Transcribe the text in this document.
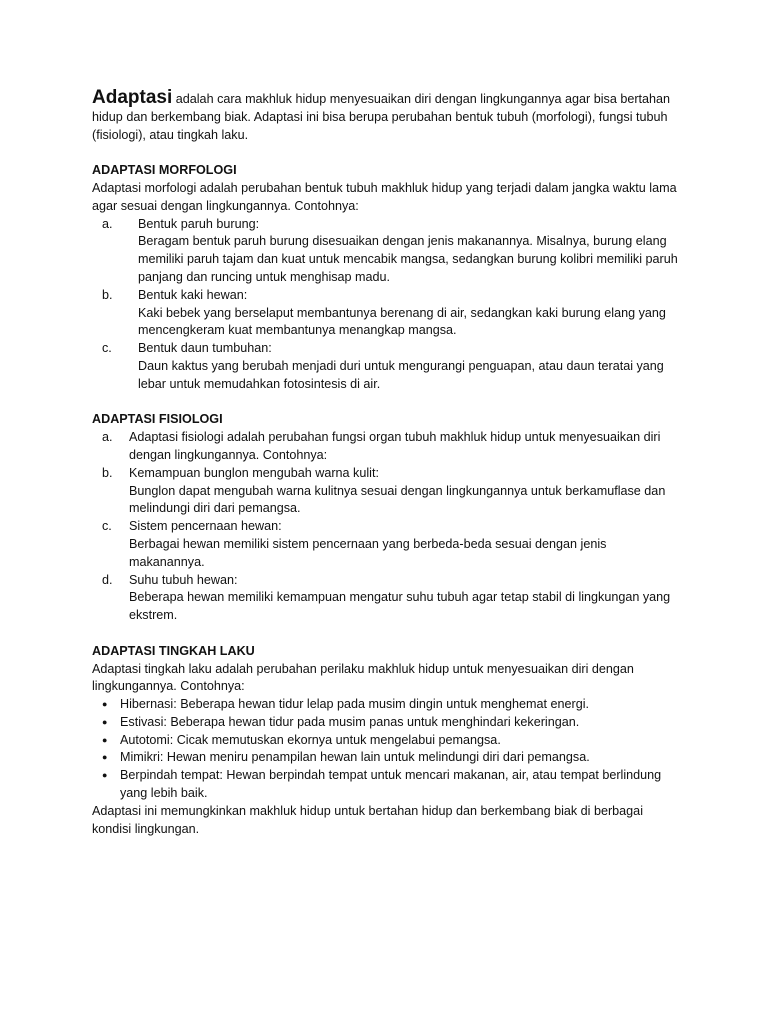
Adaptasi adalah cara makhluk hidup menyesuaikan diri dengan lingkungannya agar bisa bertahan hidup dan berkembang biak. Adaptasi ini bisa berupa perubahan bentuk tubuh (morfologi), fungsi tubuh (fisiologi), atau tingkah laku.

ADAPTASI MORFOLOGI

Adaptasi morfologi adalah perubahan bentuk tubuh makhluk hidup yang terjadi dalam jangka waktu lama agar sesuai dengan lingkungannya. Contohnya:

a. Bentuk paruh burung:
Beragam bentuk paruh burung disesuaikan dengan jenis makanannya. Misalnya, burung elang memiliki paruh tajam dan kuat untuk mencabik mangsa, sedangkan burung kolibri memiliki paruh panjang dan runcing untuk menghisap madu.
b. Bentuk kaki hewan:
Kaki bebek yang berselaput membantunya berenang di air, sedangkan kaki burung elang yang mencengkeram kuat membantunya menangkap mangsa.
c. Bentuk daun tumbuhan:
Daun kaktus yang berubah menjadi duri untuk mengurangi penguapan, atau daun teratai yang lebar untuk memudahkan fotosintesis di air.

ADAPTASI FISIOLOGI

a. Adaptasi fisiologi adalah perubahan fungsi organ tubuh makhluk hidup untuk menyesuaikan diri dengan lingkungannya. Contohnya:
b. Kemampuan bunglon mengubah warna kulit:
Bunglon dapat mengubah warna kulitnya sesuai dengan lingkungannya untuk berkamuflase dan melindungi diri dari pemangsa.
c. Sistem pencernaan hewan:
Berbagai hewan memiliki sistem pencernaan yang berbeda-beda sesuai dengan jenis makanannya.
d. Suhu tubuh hewan:
Beberapa hewan memiliki kemampuan mengatur suhu tubuh agar tetap stabil di lingkungan yang ekstrem.

ADAPTASI TINGKAH LAKU

Adaptasi tingkah laku adalah perubahan perilaku makhluk hidup untuk menyesuaikan diri dengan lingkungannya. Contohnya:

● Hibernasi: Beberapa hewan tidur lelap pada musim dingin untuk menghemat energi.
● Estivasi: Beberapa hewan tidur pada musim panas untuk menghindari kekeringan.
● Autotomi: Cicak memutuskan ekornya untuk mengelabui pemangsa.
● Mimikri: Hewan meniru penampilan hewan lain untuk melindungi diri dari pemangsa.
● Berpindah tempat: Hewan berpindah tempat untuk mencari makanan, air, atau tempat berlindung yang lebih baik.

Adaptasi ini memungkinkan makhluk hidup untuk bertahan hidup dan berkembang biak di berbagai kondisi lingkungan.
